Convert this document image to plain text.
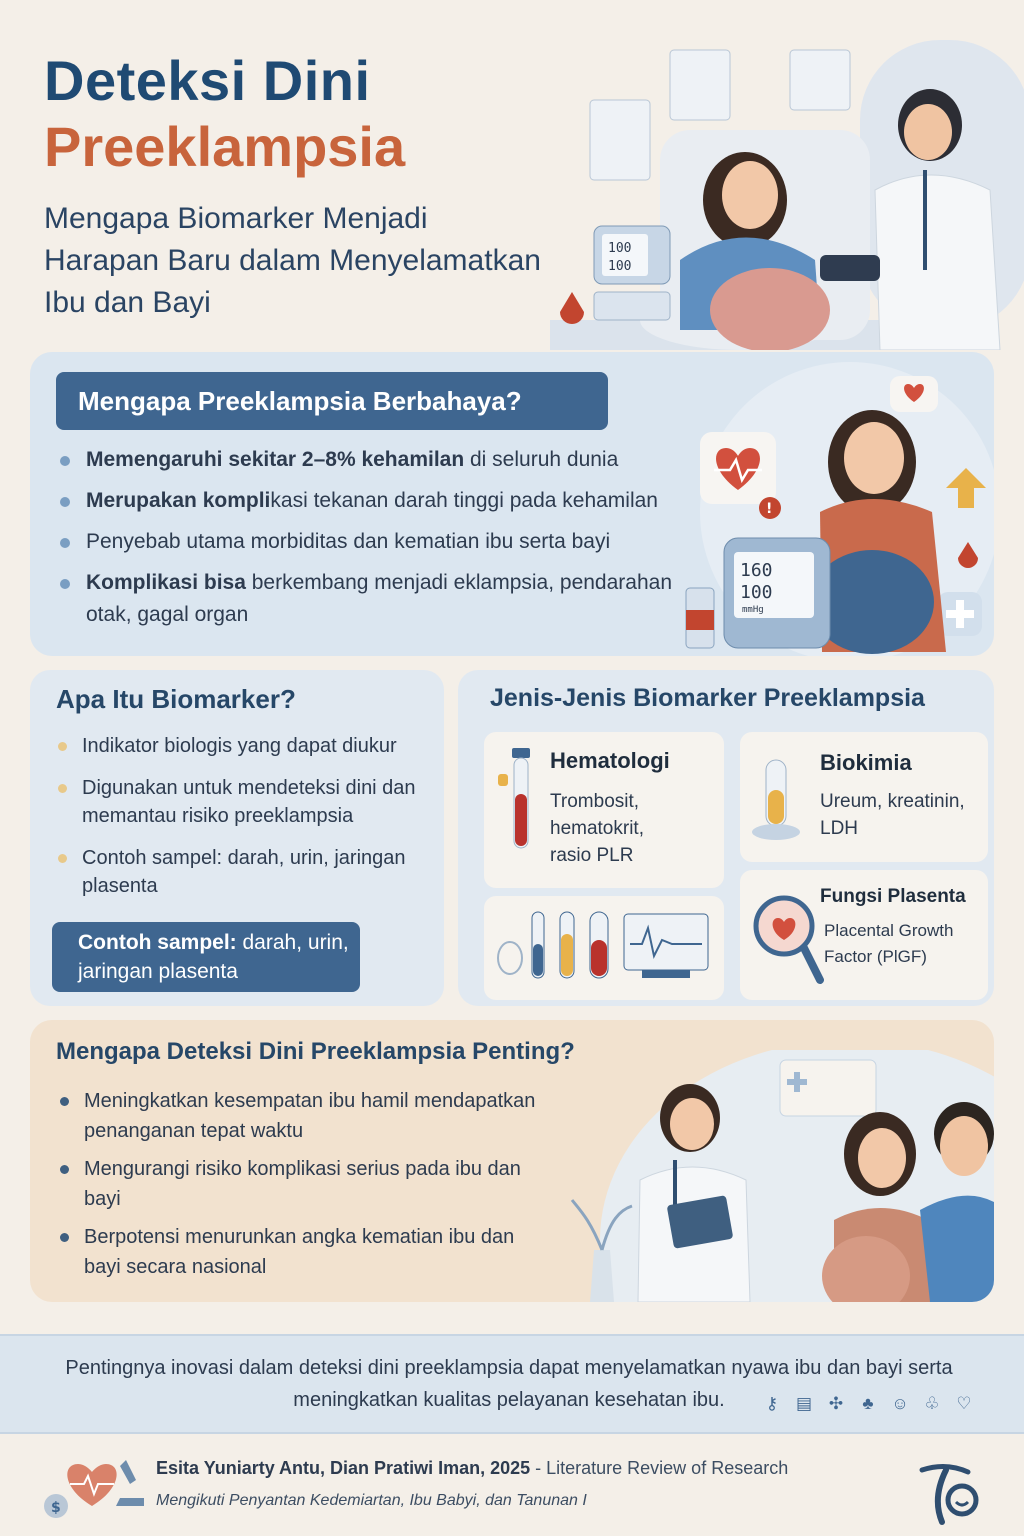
Deteksi Dini
Preeklampsia
Mengapa Biomarker Menjadi Harapan Baru dalam Menyelamatkan Ibu dan Bayi
100
100
Mengapa Preeklampsia Berbahaya?
Memengaruhi sekitar 2–8% kehamilan di seluruh dunia
Merupakan komplikasi tekanan darah tinggi pada kehamilan
Penyebab utama morbiditas dan kematian ibu serta bayi
Komplikasi bisa berkembang menjadi eklampsia, pendarahan otak, gagal organ
!
160
100
mmHg
Apa Itu Biomarker?
Indikator biologis yang dapat diukur
Digunakan untuk mendeteksi dini dan memantau risiko preeklampsia
Contoh sampel: darah, urin, jaringan plasenta
Contoh sampel: darah, urin, jaringan plasenta
Jenis-Jenis Biomarker Preeklampsia
Hematologi
Trombosit, hematokrit, rasio PLR
Biokimia
Ureum, kreatinin, LDH
Fungsi Plasenta
Placental Growth Factor (PlGF)
Mengapa Deteksi Dini Preeklampsia Penting?
Meningkatkan kesempatan ibu hamil mendapatkan penanganan tepat waktu
Mengurangi risiko komplikasi serius pada ibu dan bayi
Berpotensi menurunkan angka kematian ibu dan bayi secara nasional

Pentingnya inovasi dalam deteksi dini preeklampsia dapat menyelamatkan nyawa ibu dan bayi serta meningkatkan kualitas pelayanan kesehatan ibu.	⚷ ▤ ✣ ♣ ☺ ♧ ♡
$
Esita Yuniarty Antu, Dian Pratiwi Iman, 2025 - Literature Review of Research
Mengikuti Penyantan Kedemiartan, Ibu Babyi, dan Tanunan I
